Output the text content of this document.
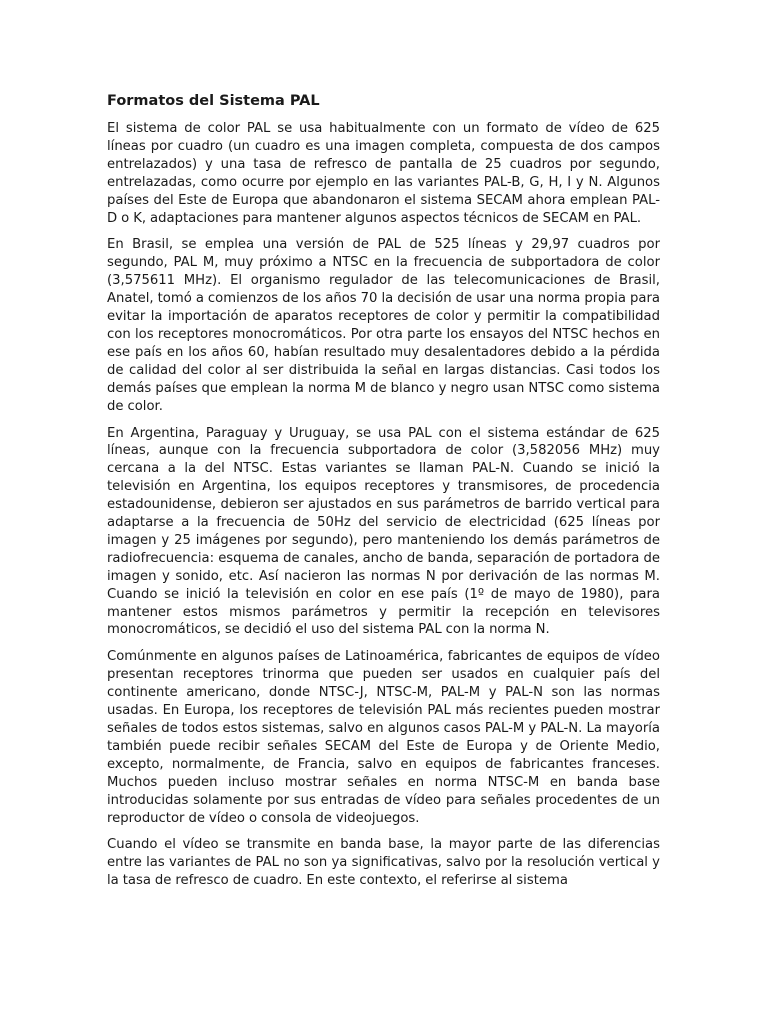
Formatos del Sistema PAL

El sistema de color PAL se usa habitualmente con un formato de vídeo de 625 líneas por cuadro (un cuadro es una imagen completa, compuesta de dos campos entrelazados) y una tasa de refresco de pantalla de 25 cuadros por segundo, entrelazadas, como ocurre por ejemplo en las variantes PAL-B, G, H, I y N. Algunos países del Este de Europa que abandonaron el sistema SECAM ahora emplean PAL-D o K, adaptaciones para mantener algunos aspectos técnicos de SECAM en PAL.

En Brasil, se emplea una versión de PAL de 525 líneas y 29,97 cuadros por segundo, PAL M, muy próximo a NTSC en la frecuencia de subportadora de color (3,575611 MHz). El organismo regulador de las telecomunicaciones de Brasil, Anatel, tomó a comienzos de los años 70 la decisión de usar una norma propia para evitar la importación de aparatos receptores de color y permitir la compatibilidad con los receptores monocromáticos. Por otra parte los ensayos del NTSC hechos en ese país en los años 60, habían resultado muy desalentadores debido a la pérdida de calidad del color al ser distribuida la señal en largas distancias. Casi todos los demás países que emplean la norma M de blanco y negro usan NTSC como sistema de color.

En Argentina, Paraguay y Uruguay, se usa PAL con el sistema estándar de 625 líneas, aunque con la frecuencia subportadora de color (3,582056 MHz) muy cercana a la del NTSC. Estas variantes se llaman PAL-N. Cuando se inició la televisión en Argentina, los equipos receptores y transmisores, de procedencia estadounidense, debieron ser ajustados en sus parámetros de barrido vertical para adaptarse a la frecuencia de 50Hz del servicio de electricidad (625 líneas por imagen y 25 imágenes por segundo), pero manteniendo los demás parámetros de radiofrecuencia: esquema de canales, ancho de banda, separación de portadora de imagen y sonido, etc. Así nacieron las normas N por derivación de las normas M. Cuando se inició la televisión en color en ese país (1º de mayo de 1980), para mantener estos mismos parámetros y permitir la recepción en televisores monocromáticos, se decidió el uso del sistema PAL con la norma N.

Comúnmente en algunos países de Latinoamérica, fabricantes de equipos de vídeo presentan receptores trinorma que pueden ser usados en cualquier país del continente americano, donde NTSC-J, NTSC-M, PAL-M y PAL-N son las normas usadas. En Europa, los receptores de televisión PAL más recientes pueden mostrar señales de todos estos sistemas, salvo en algunos casos PAL-M y PAL-N. La mayoría también puede recibir señales SECAM del Este de Europa y de Oriente Medio, excepto, normalmente, de Francia, salvo en equipos de fabricantes franceses. Muchos pueden incluso mostrar señales en norma NTSC-M en banda base introducidas solamente por sus entradas de vídeo para señales procedentes de un reproductor de vídeo o consola de videojuegos.

Cuando el vídeo se transmite en banda base, la mayor parte de las diferencias entre las variantes de PAL no son ya significativas, salvo por la resolución vertical y la tasa de refresco de cuadro. En este contexto, el referirse al sistema
